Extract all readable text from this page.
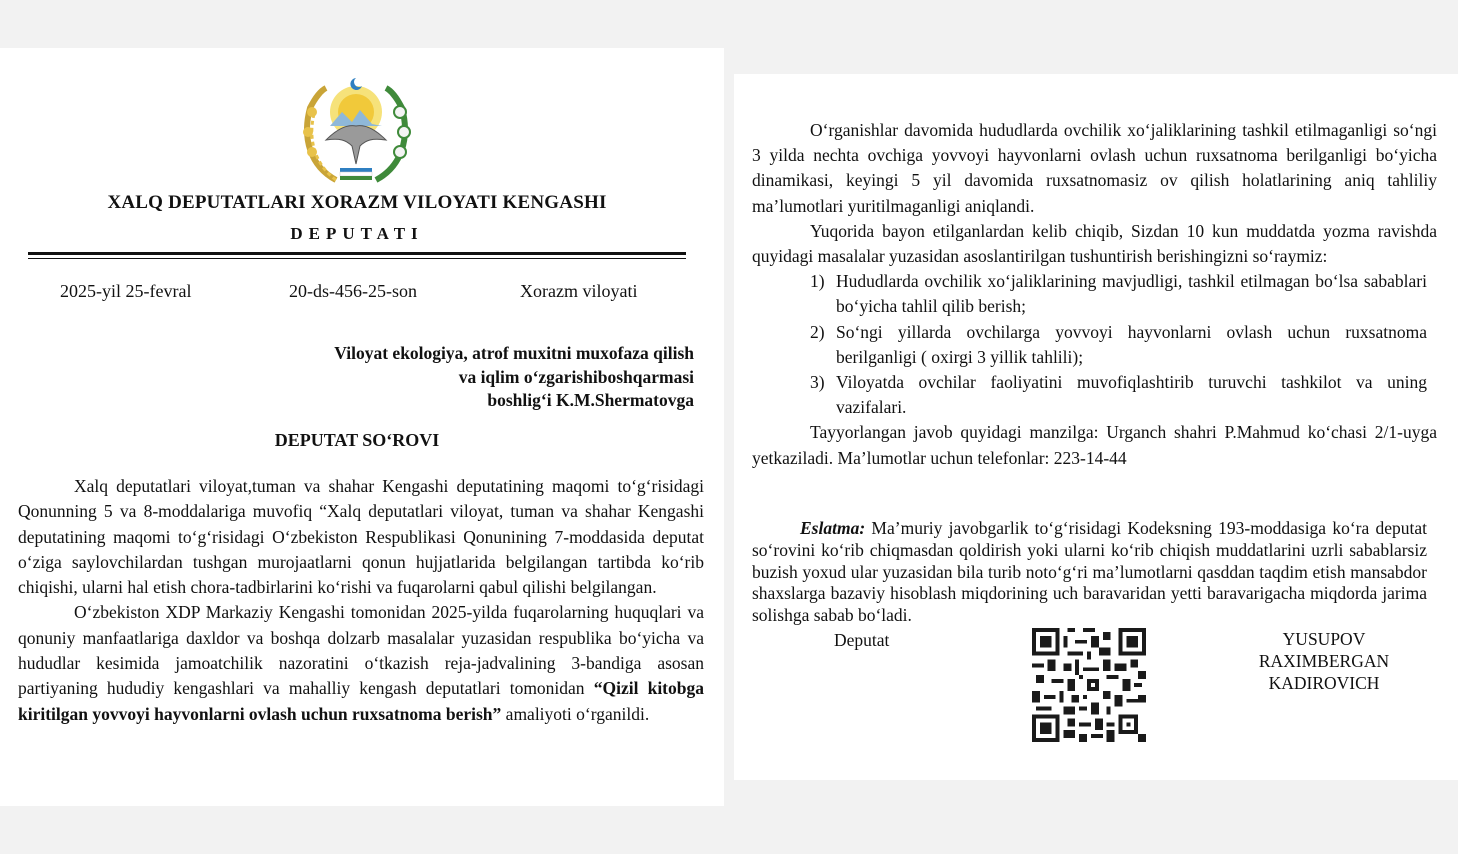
XALQ DEPUTATLARI XORAZM VILOYATI KENGASHI
DEPUTATI
2025-yil 25-fevral	20-ds-456-25-son	Xorazm viloyati
Viloyat ekologiya, atrof muxitni muxofaza qilish
va iqlim oʻzgarishiboshqarmasi
boshligʻi K.M.Shermatovga
DEPUTAT SOʻROVI

Xalq deputatlari viloyat,tuman va shahar Kengashi deputatining maqomi toʻgʻrisidagi Qonunning 5 va 8-moddalariga muvofiq “Xalq deputatlari viloyat, tuman va shahar Kengashi deputatining maqomi toʻgʻrisidagi Oʻzbekiston Respublikasi Qonunining 7-moddasida deputat oʻziga saylovchilardan tushgan murojaatlarni qonun hujjatlarida belgilangan tartibda koʻrib chiqishi, ularni hal etish chora-tadbirlarini koʻrishi va fuqarolarni qabul qilishi belgilangan.

Oʻzbekiston XDP Markaziy Kengashi tomonidan 2025-yilda fuqarolarning huquqlari va qonuniy manfaatlariga daxldor va boshqa dolzarb masalalar yuzasidan respublika boʻyicha va hududlar kesimida jamoatchilik nazoratini oʻtkazish reja-jadvalining 3-bandiga asosan partiyaning hududiy kengashlari va mahalliy kengash deputatlari tomonidan “Qizil kitobga kiritilgan yovvoyi hayvonlarni ovlash uchun ruxsatnoma berish” amaliyoti oʻrganildi.

Oʻrganishlar davomida hududlarda ovchilik xoʻjaliklarining tashkil etilmaganligi soʻngi 3 yilda nechta ovchiga yovvoyi hayvonlarni ovlash uchun ruxsatnoma berilganligi boʻyicha dinamikasi, keyingi 5 yil davomida ruxsatnomasiz ov qilish holatlarining aniq tahliliy maʼlumotlari yuritilmaganligi aniqlandi.

Yuqorida bayon etilganlardan kelib chiqib, Sizdan 10 kun muddatda yozma ravishda quyidagi masalalar yuzasidan asoslantirilgan tushuntirish berishingizni soʻraymiz:

1) Hududlarda ovchilik xoʻjaliklarining mavjudligi, tashkil etilmagan boʻlsa sabablari boʻyicha tahlil qilib berish;
2) Soʻngi yillarda ovchilarga yovvoyi hayvonlarni ovlash uchun ruxsatnoma berilganligi ( oxirgi 3 yillik tahlili);
3) Viloyatda ovchilar faoliyatini muvofiqlashtirib turuvchi tashkilot va uning vazifalari.

Tayyorlangan javob quyidagi manzilga: Urganch shahri P.Mahmud koʻchasi 2/1-uyga yetkaziladi. Maʼlumotlar uchun telefonlar: 223-14-44

Eslatma: Maʼmuriy javobgarlik toʻgʻrisidagi Kodeksning 193-moddasiga koʻra deputat soʻrovini koʻrib chiqmasdan qoldirish yoki ularni koʻrib chiqish muddatlarini uzrli sabablarsiz buzish yoxud ular yuzasidan bila turib notoʻgʻri maʼlumotlarni qasddan taqdim etish mansabdor shaxslarga bazaviy hisoblash miqdorining uch baravaridan yetti baravarigacha miqdorda jarima solishga sabab boʻladi.

Deputat	YUSUPOV
RAXIMBERGAN
KADIROVICH
